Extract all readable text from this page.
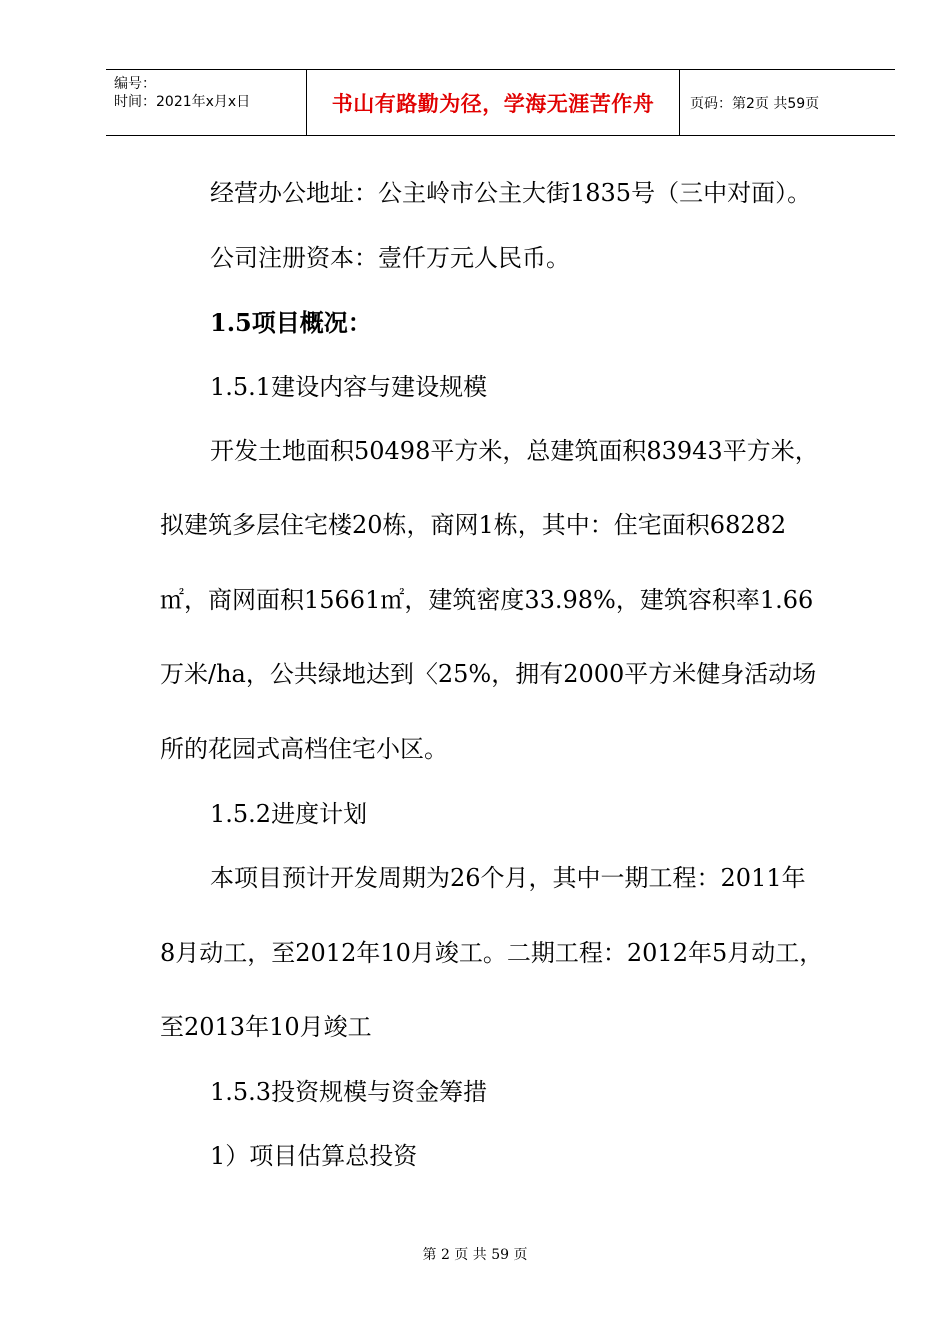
编号：
时间：2021年x月x日	书山有路勤为径，学海无涯苦作舟	页码：第2页 共59页
经营办公地址：公主岭市公主大街1835号（三中对面）。
公司注册资本：壹仟万元人民币。
1.5项目概况：
1.5.1建设内容与建设规模
开发土地面积50498平方米，总建筑面积83943平方米，
拟建筑多层住宅楼20栋，商网1栋，其中：住宅面积68282
㎡，商网面积15661㎡，建筑密度33.98%，建筑容积率1.66
万米/ha，公共绿地达到〈25%，拥有2000平方米健身活动场
所的花园式高档住宅小区。
1.5.2进度计划
本项目预计开发周期为26个月，其中一期工程：2011年
8月动工，至2012年10月竣工。二期工程：2012年5月动工，
至2013年10月竣工
1.5.3投资规模与资金筹措
1）项目估算总投资
第 2 页 共 59 页
